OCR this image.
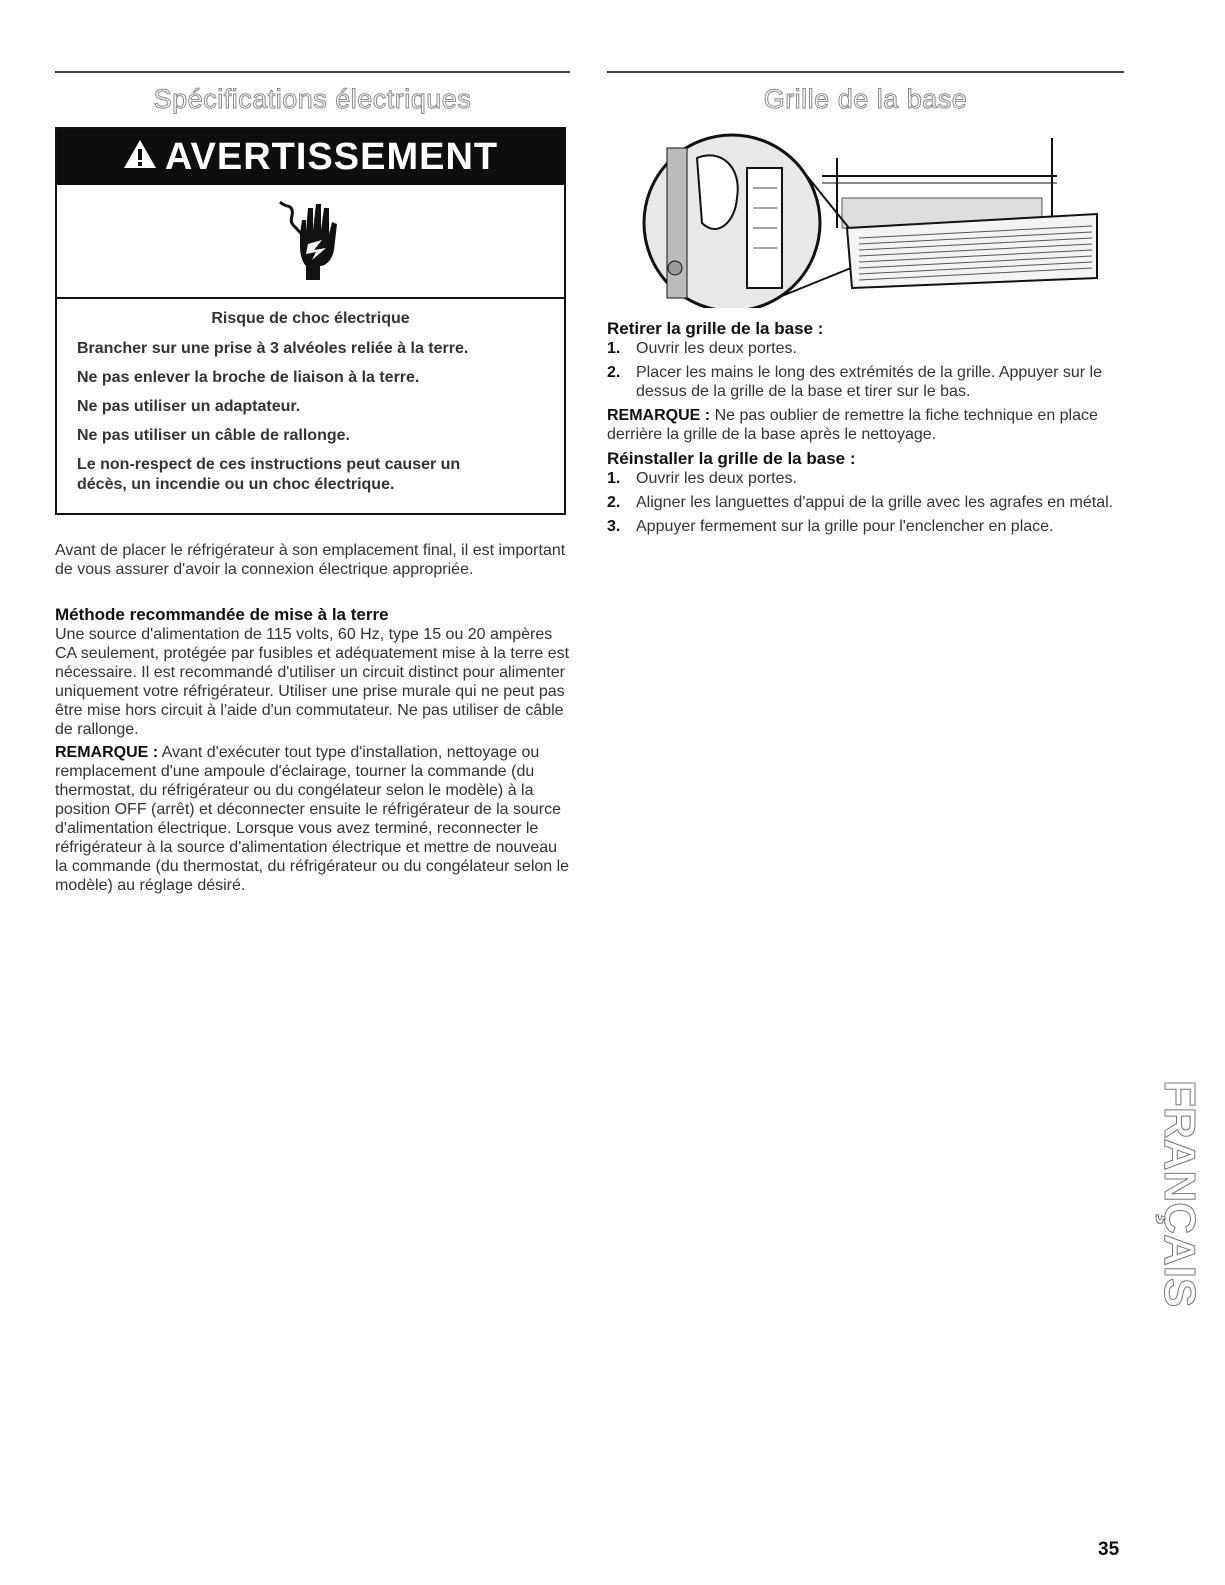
Spécifications électriques
AVERTISSEMENT
Risque de choc électrique
Brancher sur une prise à 3 alvéoles reliée à la terre.
Ne pas enlever la broche de liaison à la terre.
Ne pas utiliser un adaptateur.
Ne pas utiliser un câble de rallonge.
Le non-respect de ces instructions peut causer un décès, un incendie ou un choc électrique.
Avant de placer le réfrigérateur à son emplacement final, il est important de vous assurer d'avoir la connexion électrique appropriée.
Méthode recommandée de mise à la terre
Une source d'alimentation de 115 volts, 60 Hz, type 15 ou 20 ampères CA seulement, protégée par fusibles et adéquatement mise à la terre est nécessaire. Il est recommandé d'utiliser un circuit distinct pour alimenter uniquement votre réfrigérateur. Utiliser une prise murale qui ne peut pas être mise hors circuit à l'aide d'un commutateur. Ne pas utiliser de câble de rallonge.
REMARQUE : Avant d'exécuter tout type d'installation, nettoyage ou remplacement d'une ampoule d'éclairage, tourner la commande (du thermostat, du réfrigérateur ou du congélateur selon le modèle) à la position OFF (arrêt) et déconnecter ensuite le réfrigérateur de la source d'alimentation électrique. Lorsque vous avez terminé, reconnecter le réfrigérateur à la source d'alimentation électrique et mettre de nouveau la commande (du thermostat, du réfrigérateur ou du congélateur selon le modèle) au réglage désiré.
Grille de la base
Retirer la grille de la base :
1. Ouvrir les deux portes.
2. Placer les mains le long des extrémités de la grille. Appuyer sur le dessus de la grille de la base et tirer sur le bas.
REMARQUE : Ne pas oublier de remettre la fiche technique en place derrière la grille de la base après le nettoyage.
Réinstaller la grille de la base :
1. Ouvrir les deux portes.
2. Aligner les languettes d'appui de la grille avec les agrafes en métal.
3. Appuyer fermement sur la grille pour l'enclencher en place.
FRANÇAIS
35
